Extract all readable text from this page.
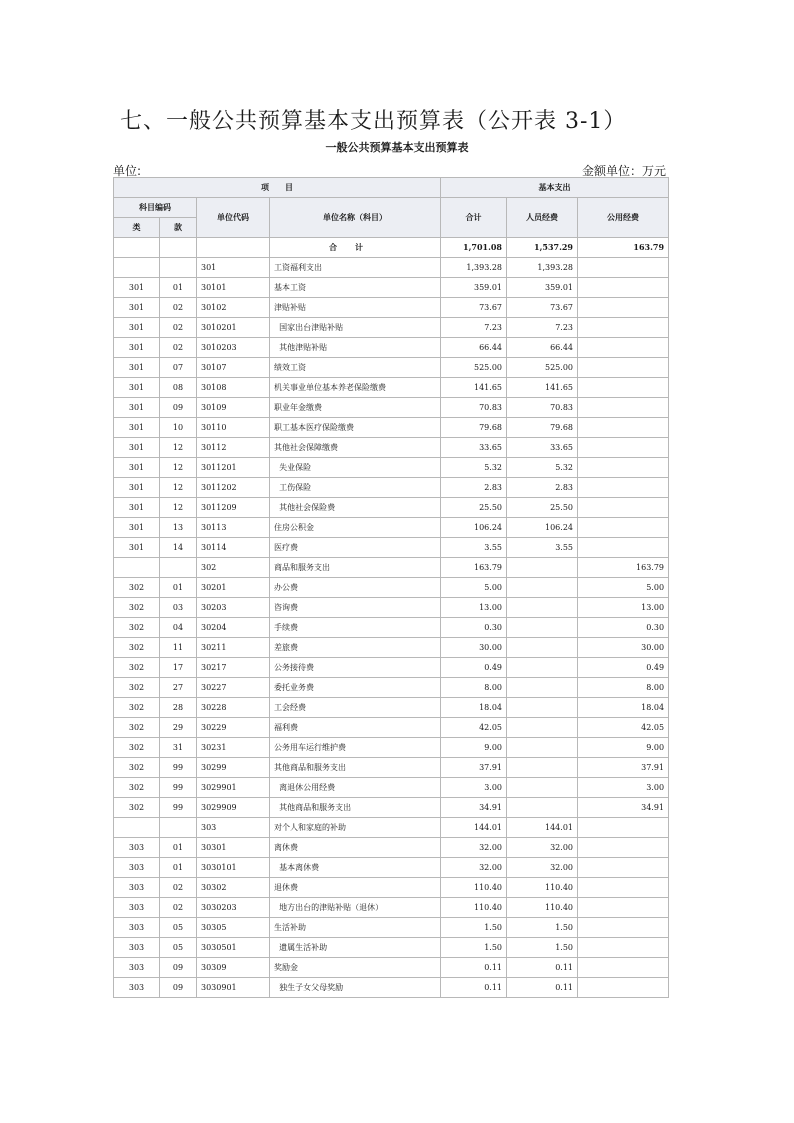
七、一般公共预算基本支出预算表（公开表 3-1）
一般公共预算基本支出预算表
单位:	金额单位：万元
项　　目				基本支出		
科目编码		单位代码	单位名称（科目）	合计	人员经费	公用经费
类	款					
			合计	1,701.08	1,537.29	163.79
		301	工资福利支出	1,393.28	1,393.28	
301	01	30101	基本工资	359.01	359.01	
301	02	30102	津贴补贴	73.67	73.67	
301	02	3010201	国家出台津贴补贴	7.23	7.23	
301	02	3010203	其他津贴补贴	66.44	66.44	
301	07	30107	绩效工资	525.00	525.00	
301	08	30108	机关事业单位基本养老保险缴费	141.65	141.65	
301	09	30109	职业年金缴费	70.83	70.83	
301	10	30110	职工基本医疗保险缴费	79.68	79.68	
301	12	30112	其他社会保障缴费	33.65	33.65	
301	12	3011201	失业保险	5.32	5.32	
301	12	3011202	工伤保险	2.83	2.83	
301	12	3011209	其他社会保险费	25.50	25.50	
301	13	30113	住房公积金	106.24	106.24	
301	14	30114	医疗费	3.55	3.55	
		302	商品和服务支出	163.79		163.79
302	01	30201	办公费	5.00		5.00
302	03	30203	咨询费	13.00		13.00
302	04	30204	手续费	0.30		0.30
302	11	30211	差旅费	30.00		30.00
302	17	30217	公务接待费	0.49		0.49
302	27	30227	委托业务费	8.00		8.00
302	28	30228	工会经费	18.04		18.04
302	29	30229	福利费	42.05		42.05
302	31	30231	公务用车运行维护费	9.00		9.00
302	99	30299	其他商品和服务支出	37.91		37.91
302	99	3029901	离退休公用经费	3.00		3.00
302	99	3029909	其他商品和服务支出	34.91		34.91
		303	对个人和家庭的补助	144.01	144.01	
303	01	30301	离休费	32.00	32.00	
303	01	3030101	基本离休费	32.00	32.00	
303	02	30302	退休费	110.40	110.40	
303	02	3030203	地方出台的津贴补贴（退休）	110.40	110.40	
303	05	30305	生活补助	1.50	1.50	
303	05	3030501	遗属生活补助	1.50	1.50	
303	09	30309	奖励金	0.11	0.11	
303	09	3030901	独生子女父母奖励	0.11	0.11	
